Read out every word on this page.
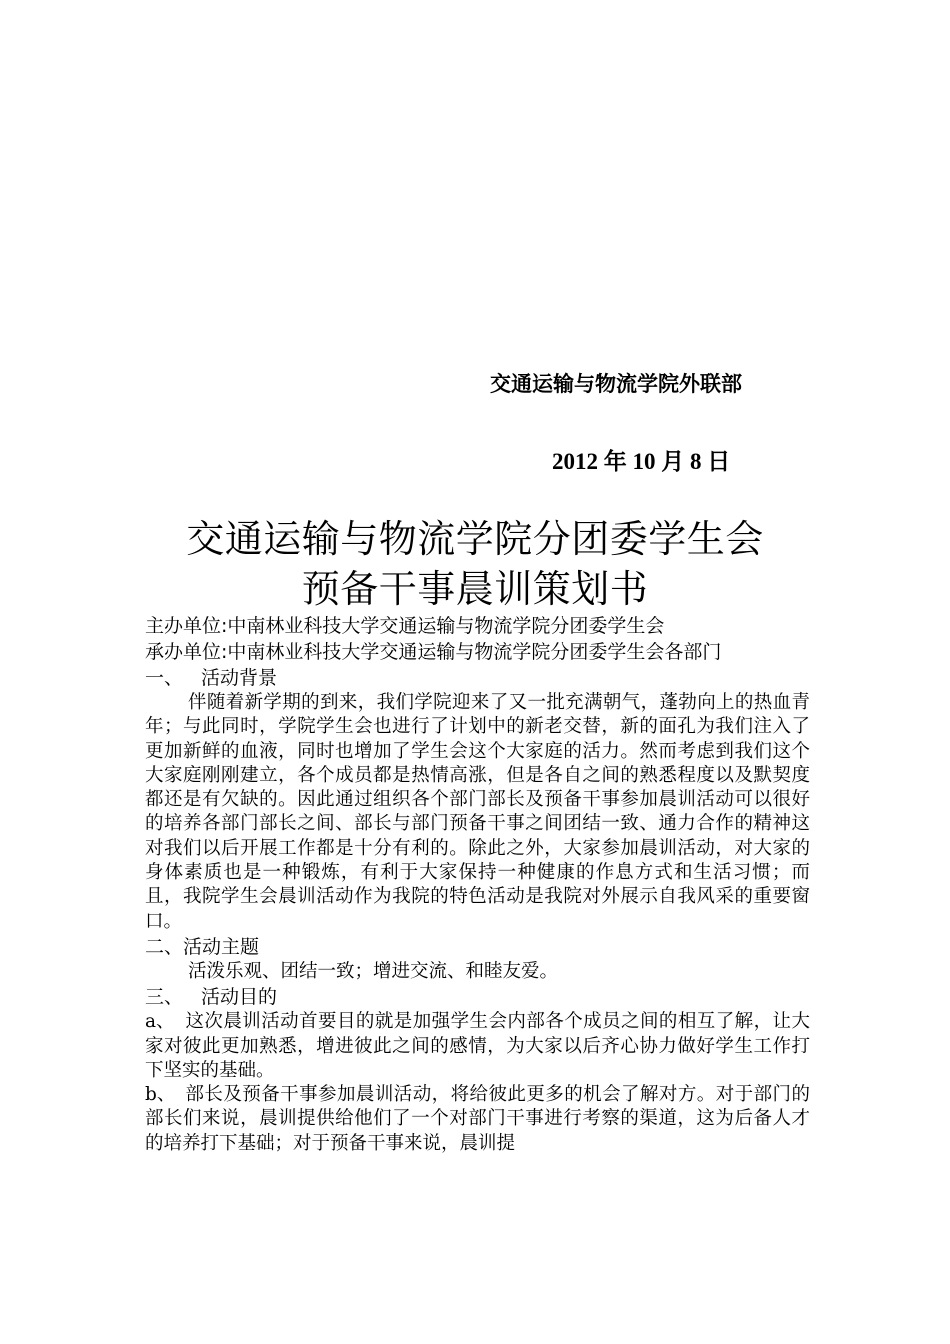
交通运输与物流学院外联部
2012 年 10 月 8 日
交通运输与物流学院分团委学生会
预备干事晨训策划书
主办单位: 中南林业科技大学交通运输与物流学院分团委学生会
承办单位: 中南林业科技大学交通运输与物流学院分团委学生会各部门
一、 活动背景

伴随着新学期的到来，我们学院迎来了又一批充满朝气，蓬勃向上的热血青年；与此同时，学院学生会也进行了计划中的新老交替，新的面孔为我们注入了更加新鲜的血液，同时也增加了学生会这个大家庭的活力。然而考虑到我们这个大家庭刚刚建立，各个成员都是热情高涨，但是各自之间的熟悉程度以及默契度都还是有欠缺的。因此通过组织各个部门部长及预备干事参加晨训活动可以很好的培养各部门部长之间、部长与部门预备干事之间团结一致、通力合作的精神这对我们以后开展工作都是十分有利的。除此之外，大家参加晨训活动，对大家的身体素质也是一种锻炼，有利于大家保持一种健康的作息方式和生活习惯；而且，我院学生会晨训活动作为我院的特色活动是我院对外展示自我风采的重要窗口。

二、活动主题

活泼乐观、团结一致；增进交流、和睦友爱。

三、 活动目的

a、 这次晨训活动首要目的就是加强学生会内部各个成员之间的相互了解，让大家对彼此更加熟悉，增进彼此之间的感情，为大家以后齐心协力做好学生工作打下坚实的基础。

b、 部长及预备干事参加晨训活动，将给彼此更多的机会了解对方。对于部门的部长们来说，晨训提供给他们了一个对部门干事进行考察的渠道，这为后备人才的培养打下基础；对于预备干事来说，晨训提
